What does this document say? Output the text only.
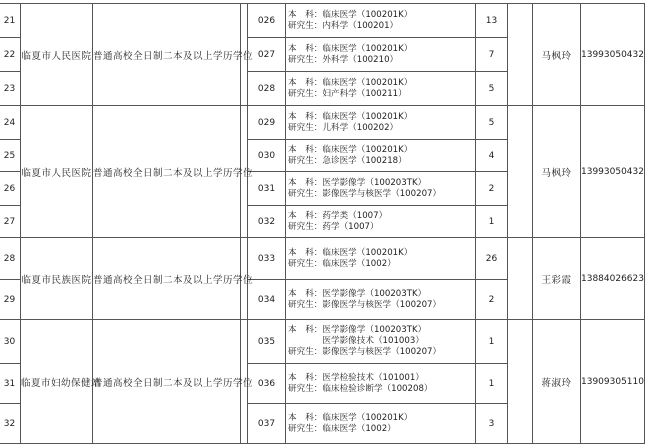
21	临夏市人民医院	普通高校全日制二本及以上学历学位		026	本　科：临床医学（100201K）
研究生：内科学（100201）	13		马枫玲	13993050432
22				027	本　科：临床医学（100201K）
研究生：外科学（100210）	7			
23				028	本　科：临床医学（100201K）
研究生：妇产科学（100211）	5			
24	临夏市人民医院	普通高校全日制二本及以上学历学位		029	本　科：临床医学（100201K）
研究生：儿科学（100202）	5		马枫玲	13993050432
25				030	本　科：临床医学（100201K）
研究生：急诊医学（100218）	4			
26				031	本　科：医学影像学（100203TK）
研究生：影像医学与核医学（100207）	2			
27				032	本　科：药学类（1007）
研究生：药学（1007）	1			
28	临夏市民族医院	普通高校全日制二本及以上学历学位		033	本　科：临床医学（100201K）
研究生：临床医学（1002）	26		王彩霞	13884026623
29				034	本　科：医学影像学（100203TK）
研究生：影像医学与核医学（100207）	2			
30	临夏市妇幼保健站	普通高校全日制二本及以上学历学位		035	本　科：医学影像学（100203TK）
　　　　医学影像技术（101003）
研究生：影像医学与核医学（100207）	1		蒋淑玲	13909305110
31				036	本　科：医学检验技术（101001）
研究生：临床检验诊断学（100208）	1			
32				037	本　科：临床医学（100201K）
研究生：临床医学（1002）	3			
